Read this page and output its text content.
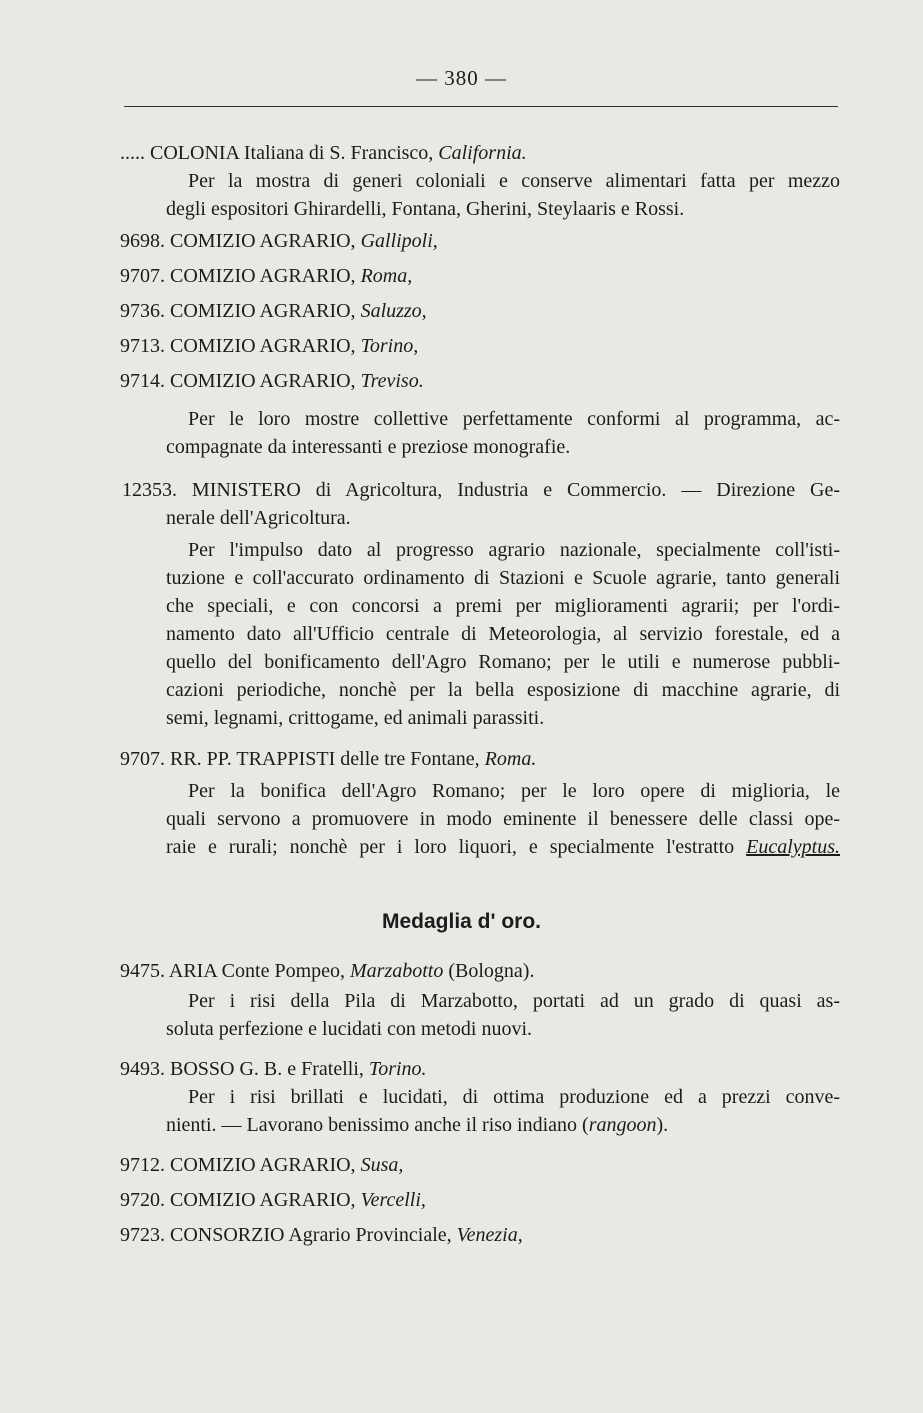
— 380 —
..... COLONIA Italiana di S. Francisco, California.
Per la mostra di generi coloniali e conserve alimentari fatta per mezzo
degli espositori Ghirardelli, Fontana, Gherini, Steylaaris e Rossi.
9698. COMIZIO AGRARIO, Gallipoli,
9707. COMIZIO AGRARIO, Roma,
9736. COMIZIO AGRARIO, Saluzzo,
9713. COMIZIO AGRARIO, Torino,
9714. COMIZIO AGRARIO, Treviso.
Per le loro mostre collettive perfettamente conformi al programma, ac-
compagnate da interessanti e preziose monografie.
12353. MINISTERO di Agricoltura, Industria e Commercio. — Direzione Ge-
nerale dell'Agricoltura.
Per l'impulso dato al progresso agrario nazionale, specialmente coll'isti-
tuzione e coll'accurato ordinamento di Stazioni e Scuole agrarie, tanto generali
che speciali, e con concorsi a premi per miglioramenti agrarii; per l'ordi-
namento dato all'Ufficio centrale di Meteorologia, al servizio forestale, ed a
quello del bonificamento dell'Agro Romano; per le utili e numerose pubbli-
cazioni periodiche, nonchè per la bella esposizione di macchine agrarie, di
semi, legnami, crittogame, ed animali parassiti.
9707. RR. PP. TRAPPISTI delle tre Fontane, Roma.
Per la bonifica dell'Agro Romano; per le loro opere di miglioria, le
quali servono a promuovere in modo eminente il benessere delle classi ope-
raie e rurali; nonchè per i loro liquori, e specialmente l'estratto Eucalyptus.
9475. ARIA Conte Pompeo, Marzabotto (Bologna).
Per i risi della Pila di Marzabotto, portati ad un grado di quasi as-
soluta perfezione e lucidati con metodi nuovi.
9493. BOSSO G. B. e Fratelli, Torino.
Per i risi brillati e lucidati, di ottima produzione ed a prezzi conve-
nienti. — Lavorano benissimo anche il riso indiano (rangoon).
9712. COMIZIO AGRARIO, Susa,
9720. COMIZIO AGRARIO, Vercelli,
9723. CONSORZIO Agrario Provinciale, Venezia,
Medaglia d' oro.
